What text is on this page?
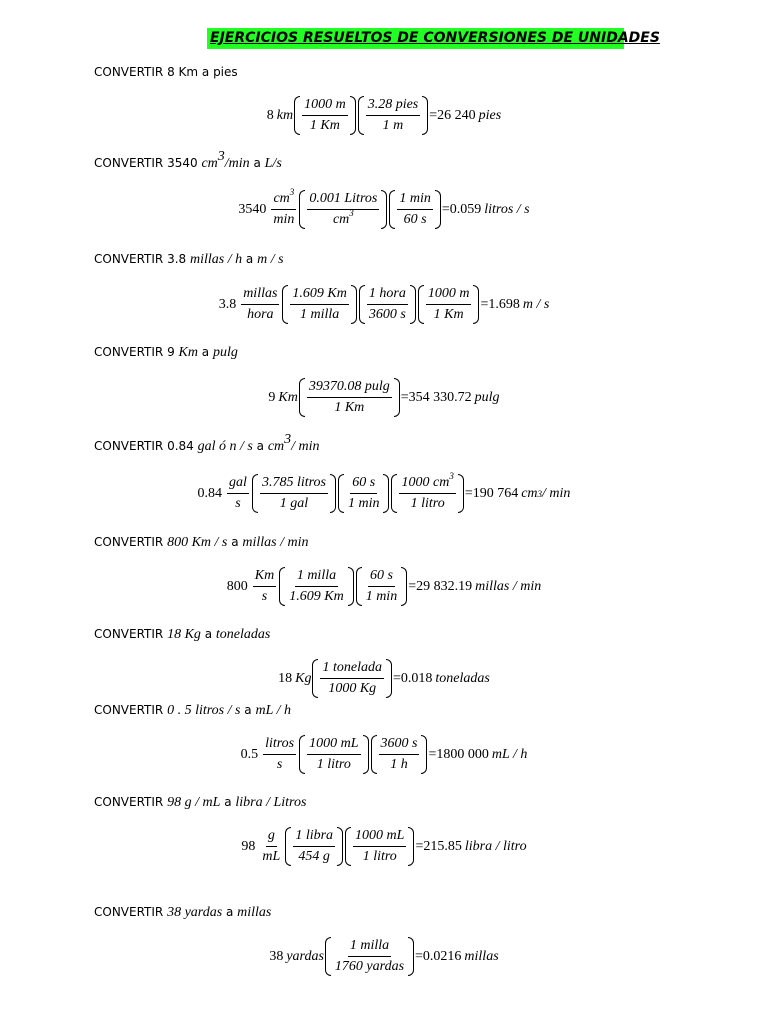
EJERCICIOS RESUELTOS DE CONVERSIONES DE UNIDADES
CONVERTIR 8 Km a pies
8 km $\frac{1000 m}{1 Km} \frac{\text{3.28 pies}}{1 m} = 26$ 240 pies
CONVERTIR 3540 $cm^3/\min$ a L/s
$3540 \frac{cm^3}{\min} \frac{\text{0.001 Litros}}{cm^3} \frac{1 \min}{60 s} = 0.059$ litros / s
CONVERTIR 3.8 millas / h a m / s
$3.8 \frac{\text{millas}}{\text{hora}} \frac{1.609 Km}{\text{1 milla}} \frac{\text{1 hora}}{3600 s} \frac{1000 m}{1 Km} = 1.698$ m / s
CONVERTIR 9 Km a pulg
9 Km $\frac{39370.08 pulg}{1 Km} = 354$ 330.72 pulg
CONVERTIR 0.84 gal ó n / s a $cm^3/$ min
$0.84 \frac{\text{gal}}{s} \frac{\text{3.785 litros}}{\text{1 gal}} \frac{60 s}{1 \min} \frac{1000 cm^3}{\text{1 litro}} = 190$ 764 cm 3 / min
CONVERTIR 800 Km / s a millas / min
$800 \frac{Km}{s} \frac{\text{1 milla}}{1.609 Km} \frac{60 s}{1 \min} = 29$ 832.19 millas / min
CONVERTIR 18 Kg a toneladas
18 Kg $\frac{\text{1 tonelada}}{1000 Kg} = 0.018$ toneladas
CONVERTIR 0 . 5 litros / s a mL / h
$0.5 \frac{\text{litros}}{s} \frac{1000 mL}{\text{1 litro}} \frac{3600 s}{1 h} = 1800$ 000 mL / h
CONVERTIR 98 g / mL a libra / Litros
$98 \frac{g}{mL} \frac{\text{1 libra}}{454 g} \frac{1000 mL}{\text{1 litro}} = 215.85$ libra / litro
CONVERTIR 38 yardas a millas
38 yardas $\frac{\text{1 milla}}{\text{1760 yardas}} = 0.0216$ millas
